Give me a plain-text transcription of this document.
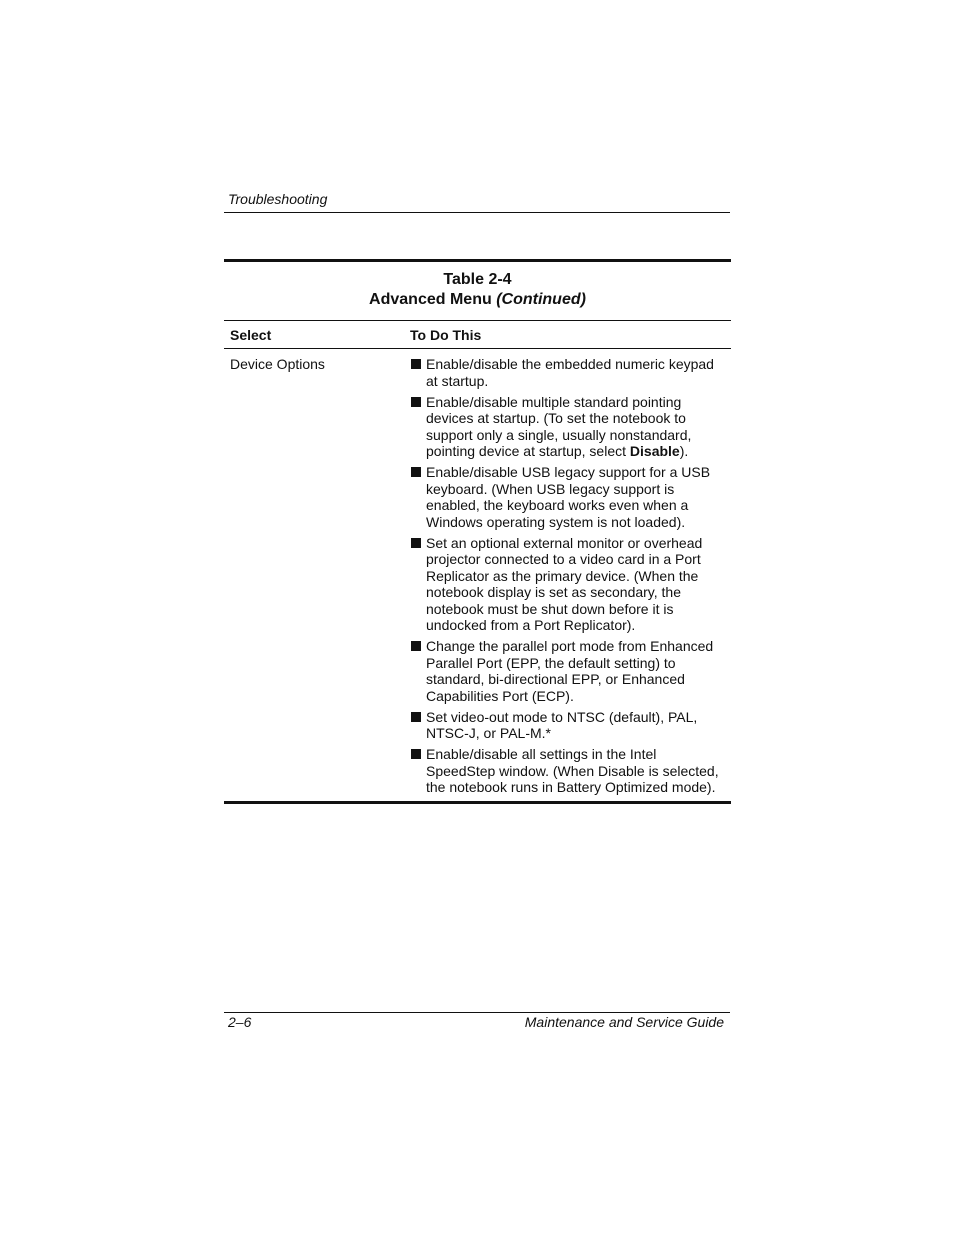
Troubleshooting
Table 2-4
Advanced Menu (Continued)
Select	To Do This
Device Options	Enable/disable the embedded numeric keypad at startup.
Enable/disable multiple standard pointing devices at startup. (To set the notebook to support only a single, usually nonstandard, pointing device at startup, select Disable).
Enable/disable USB legacy support for a USB keyboard. (When USB legacy support is enabled, the keyboard works even when a Windows operating system is not loaded).
Set an optional external monitor or overhead projector connected to a video card in a Port Replicator as the primary device. (When the notebook display is set as secondary, the notebook must be shut down before it is undocked from a Port Replicator).
Change the parallel port mode from Enhanced Parallel Port (EPP, the default setting) to standard, bi-directional EPP, or Enhanced Capabilities Port (ECP).
Set video-out mode to NTSC (default), PAL, NTSC-J, or PAL-M.*
Enable/disable all settings in the Intel SpeedStep window. (When Disable is selected, the notebook runs in Battery Optimized mode).
2–6	Maintenance and Service Guide
